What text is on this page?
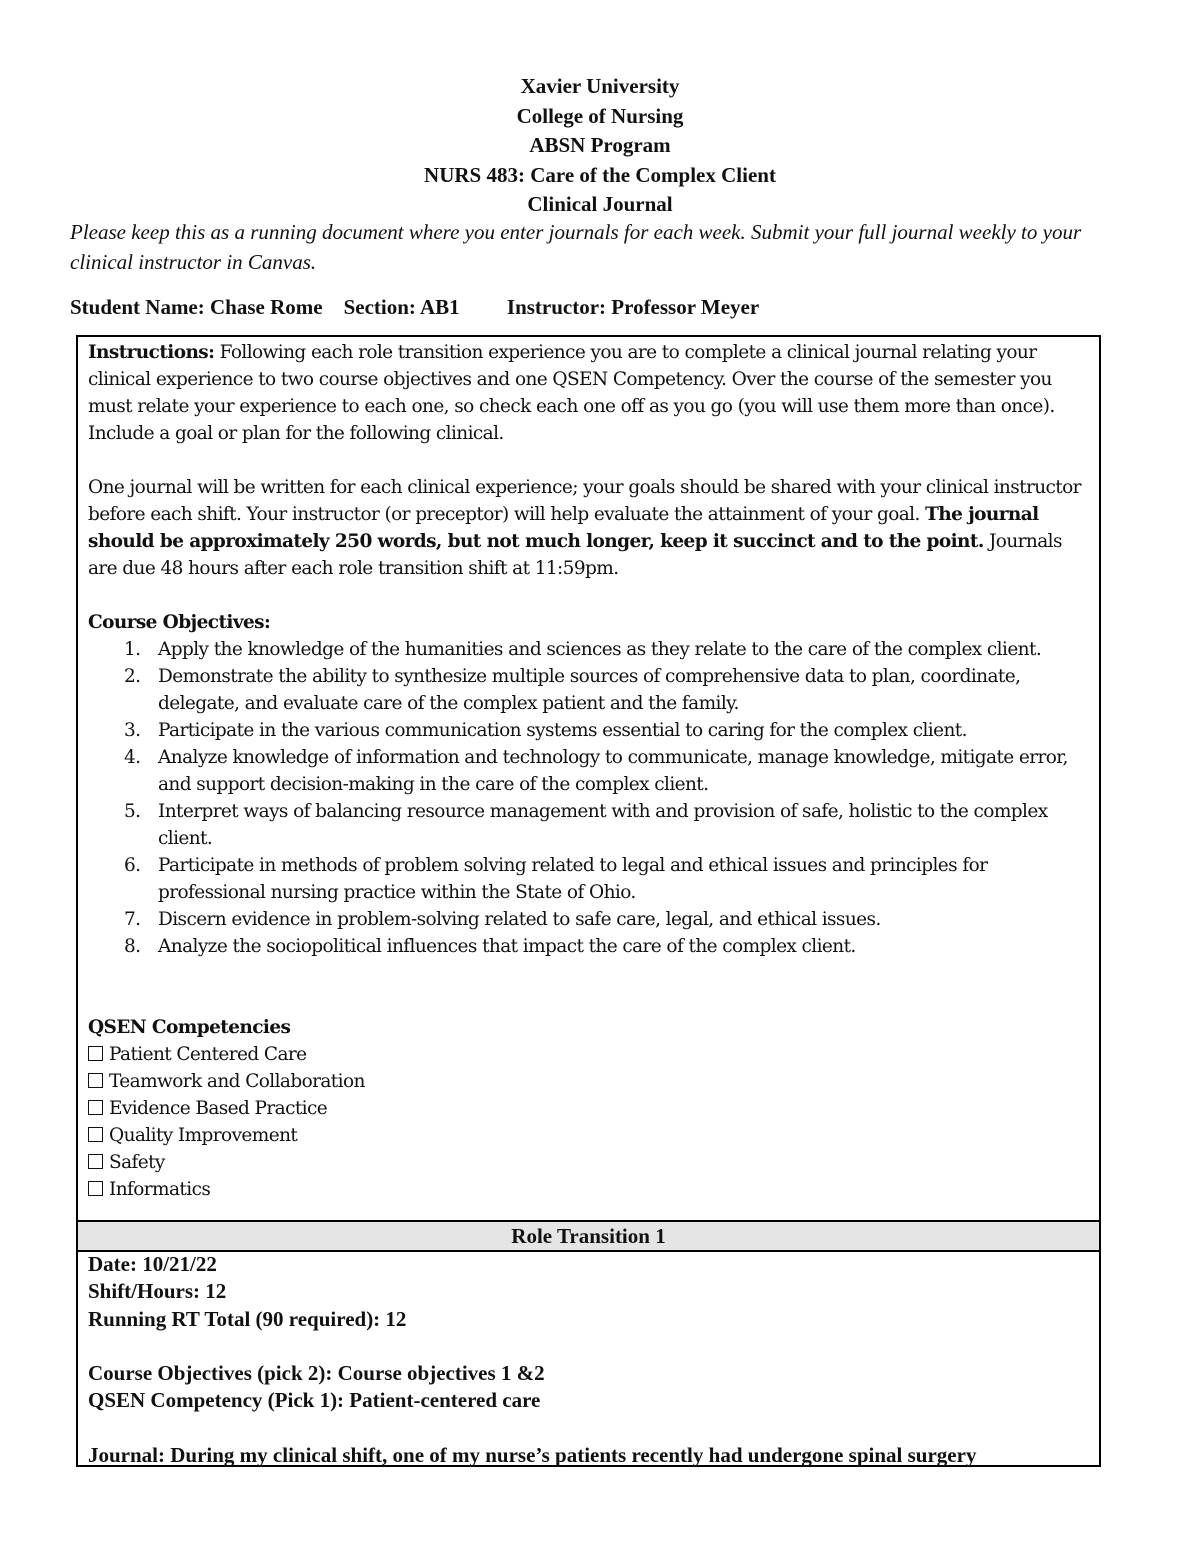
Xavier University
College of Nursing
ABSN Program
NURS 483: Care of the Complex Client
Clinical Journal
Please keep this as a running document where you enter journals for each week. Submit your full journal weekly to your clinical instructor in Canvas.
Student Name: Chase Rome    Section: AB1         Instructor: Professor Meyer

Instructions: Following each role transition experience you are to complete a clinical journal relating your clinical experience to two course objectives and one QSEN Competency. Over the course of the semester you must relate your experience to each one, so check each one off as you go (you will use them more than once). Include a goal or plan for the following clinical.

One journal will be written for each clinical experience; your goals should be shared with your clinical instructor before each shift. Your instructor (or preceptor) will help evaluate the attainment of your goal. The journal should be approximately 250 words, but not much longer, keep it succinct and to the point. Journals are due 48 hours after each role transition shift at 11:59pm.

Course Objectives:

1. Apply the knowledge of the humanities and sciences as they relate to the care of the complex client.
2. Demonstrate the ability to synthesize multiple sources of comprehensive data to plan, coordinate, delegate, and evaluate care of the complex patient and the family.
3. Participate in the various communication systems essential to caring for the complex client.
4. Analyze knowledge of information and technology to communicate, manage knowledge, mitigate error, and support decision-making in the care of the complex client.
5. Interpret ways of balancing resource management with and provision of safe, holistic to the complex client.
6. Participate in methods of problem solving related to legal and ethical issues and principles for professional nursing practice within the State of Ohio.
7. Discern evidence in problem-solving related to safe care, legal, and ethical issues.
8. Analyze the sociopolitical influences that impact the care of the complex client.

QSEN Competencies

Patient Centered Care
Teamwork and Collaboration
Evidence Based Practice
Quality Improvement
Safety
Informatics
Role Transition 1
Date: 10/21/22
Shift/Hours: 12
Running RT Total (90 required): 12
Course Objectives (pick 2): Course objectives 1 &2
QSEN Competency (Pick 1): Patient-centered care
Journal: During my clinical shift, one of my nurse’s patients recently had undergone spinal surgery
